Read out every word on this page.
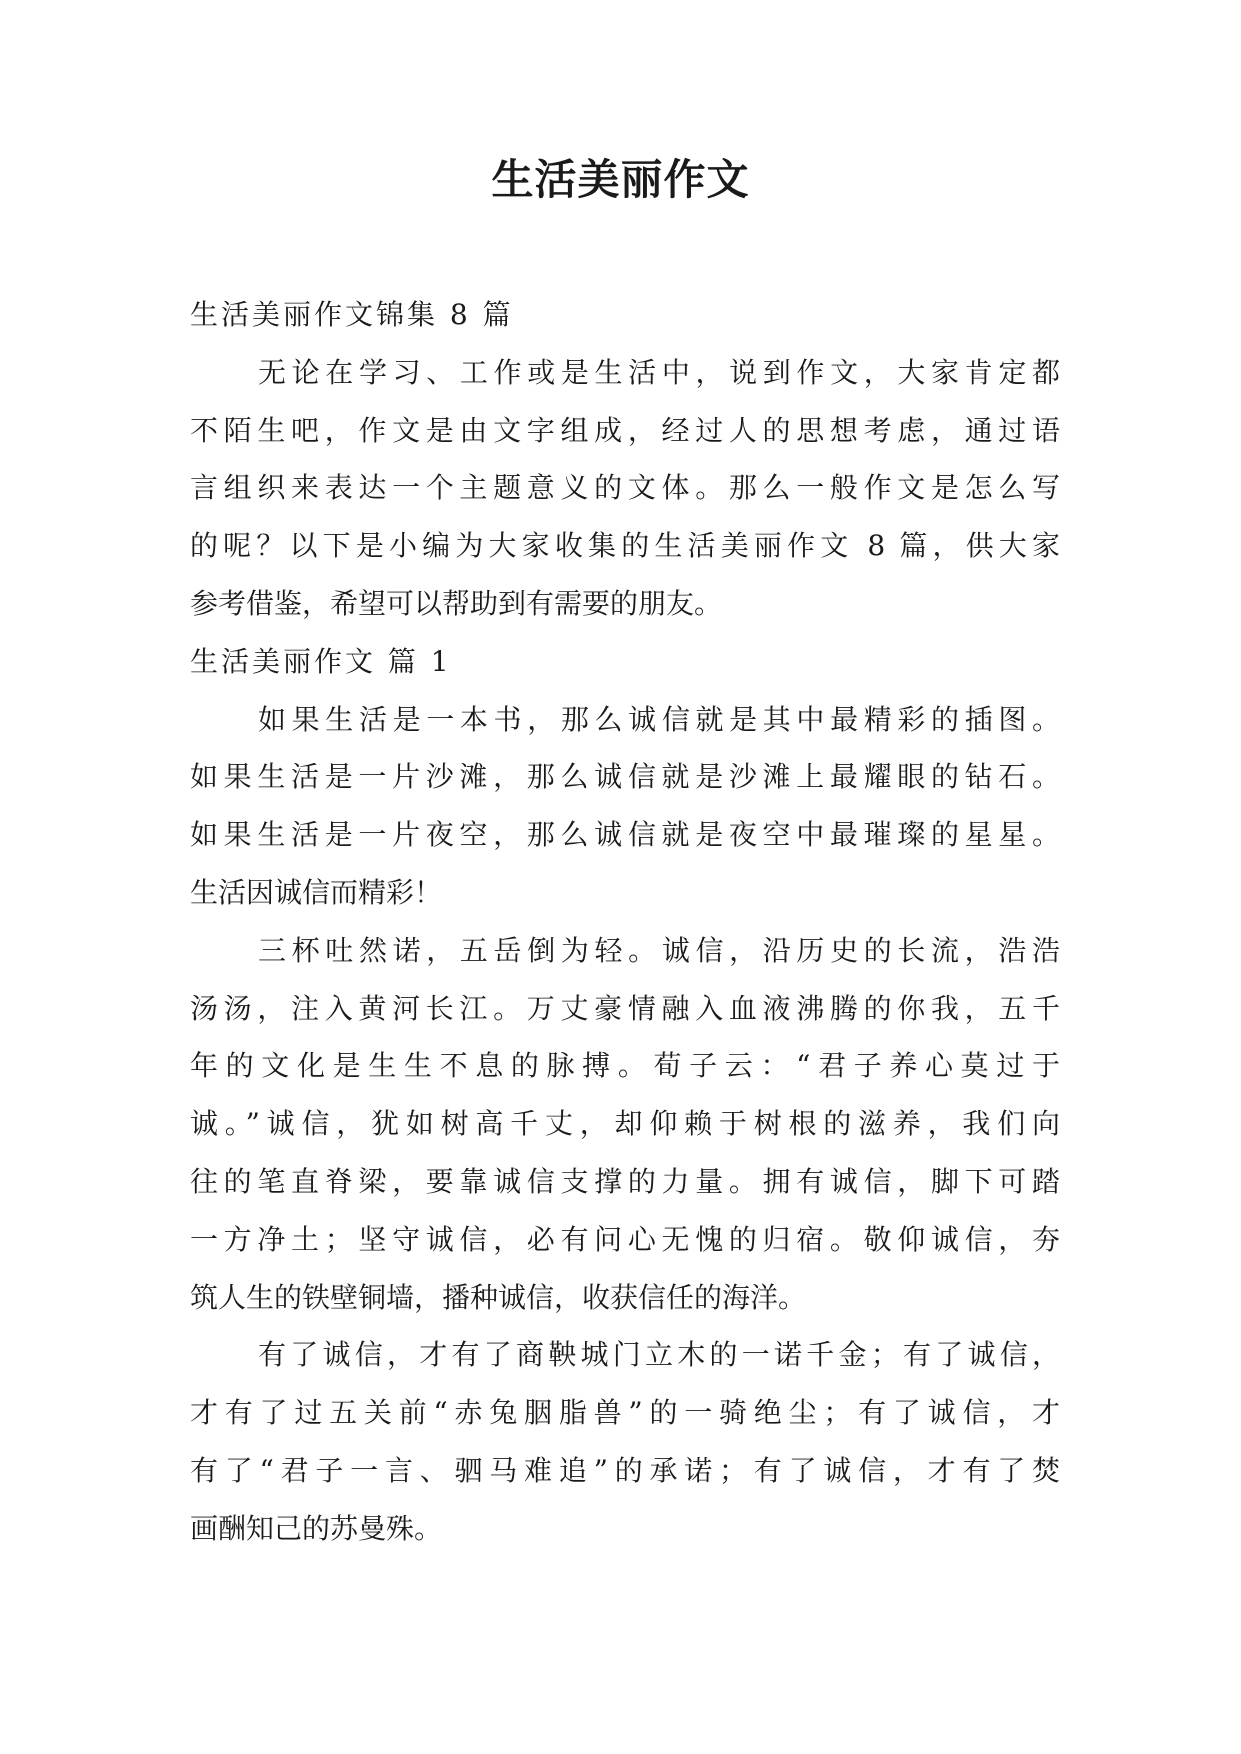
生活美丽作文
生活美丽作文锦集 8 篇
无论在学习、工作或是生活中，说到作文，大家肯定都
不陌生吧，作文是由文字组成，经过人的思想考虑，通过语
言组织来表达一个主题意义的文体。那么一般作文是怎么写
的呢？以下是小编为大家收集的生活美丽作文 8 篇，供大家
参考借鉴，希望可以帮助到有需要的朋友。
生活美丽作文 篇 1
如果生活是一本书，那么诚信就是其中最精彩的插图。
如果生活是一片沙滩，那么诚信就是沙滩上最耀眼的钻石。
如果生活是一片夜空，那么诚信就是夜空中最璀璨的星星。
生活因诚信而精彩！
三杯吐然诺，五岳倒为轻。诚信，沿历史的长流，浩浩
汤汤，注入黄河长江。万丈豪情融入血液沸腾的你我，五千
年的文化是生生不息的脉搏。荀子云：“君子养心莫过于
诚。”诚信，犹如树高千丈，却仰赖于树根的滋养，我们向
往的笔直脊梁，要靠诚信支撑的力量。拥有诚信，脚下可踏
一方净土；坚守诚信，必有问心无愧的归宿。敬仰诚信，夯
筑人生的铁壁铜墙，播种诚信，收获信任的海洋。
有了诚信，才有了商鞅城门立木的一诺千金；有了诚信，
才有了过五关前“赤兔胭脂兽”的一骑绝尘；有了诚信，才
有了“君子一言、驷马难追”的承诺；有了诚信，才有了焚
画酬知己的苏曼殊。
